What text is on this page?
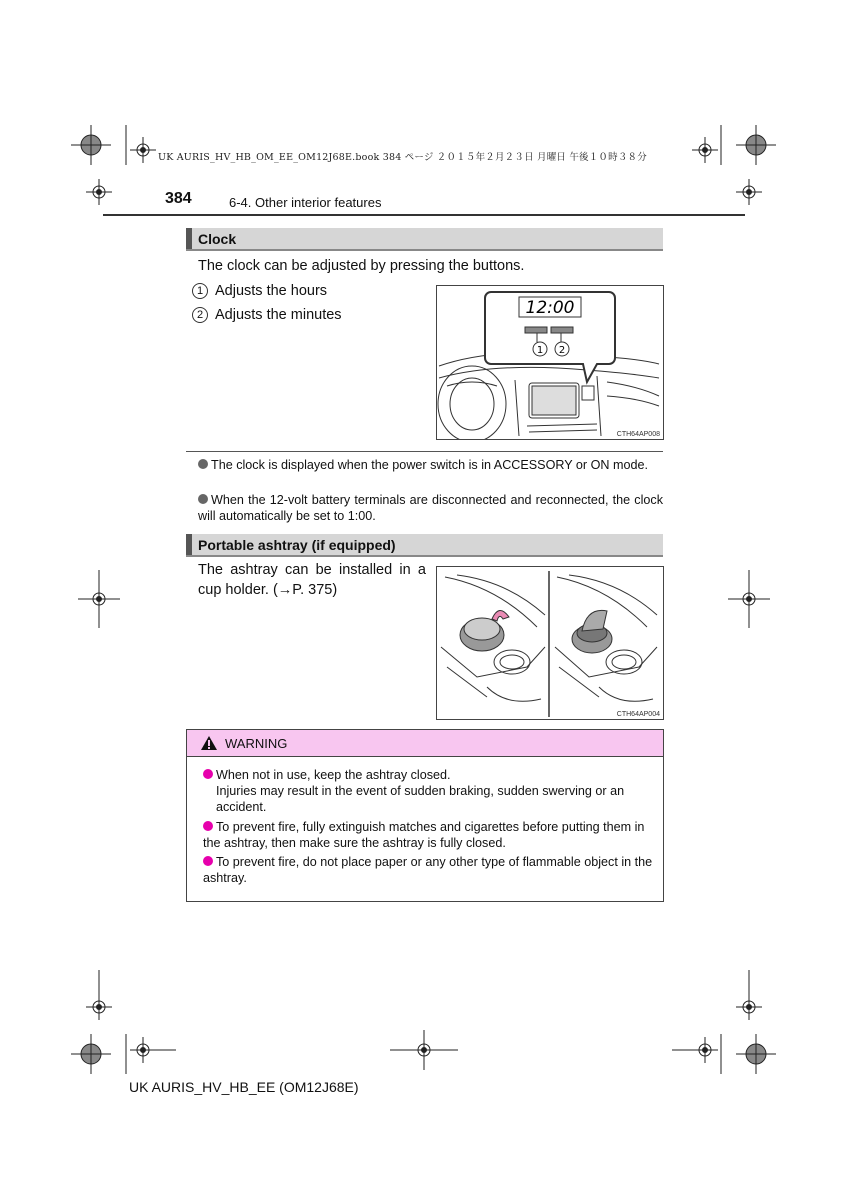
UK AURIS_HV_HB_OM_EE_OM12J68E.book 384 ページ ２０１５年２月２３日 月曜日 午後１０時３８分
384	6-4. Other interior features
Clock
The clock can be adjusted by pressing the buttons.
1 Adjusts the hours
2 Adjusts the minutes	12:00
1 2
CTH64AP008
The clock is displayed when the power switch is in ACCESSORY or ON mode.
When the 12-volt battery terminals are disconnected and reconnected, the clock will automatically be set to 1:00.
Portable ashtray (if equipped)
The ashtray can be installed in a cup holder. (→P. 375)
CTH64AP004
WARNING
When not in use, keep the ashtray closed.
Injuries may result in the event of sudden braking, sudden swerving or an accident.
To prevent fire, fully extinguish matches and cigarettes before putting them in the ashtray, then make sure the ashtray is fully closed.
To prevent fire, do not place paper or any other type of flammable object in the ashtray.
UK AURIS_HV_HB_EE (OM12J68E)
